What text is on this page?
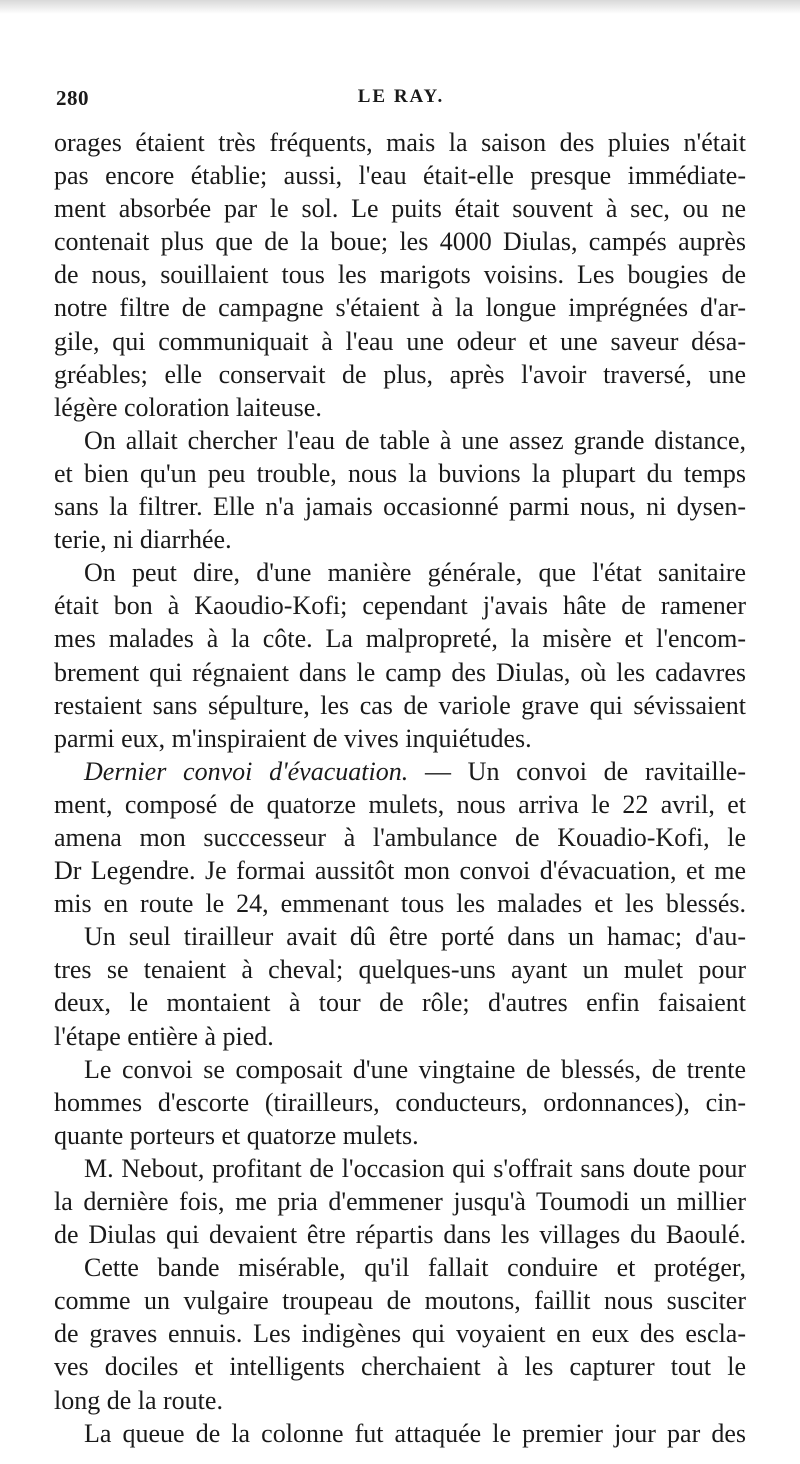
280	LE RAY.
orages étaient très fréquents, mais la saison des pluies n'était
pas encore établie; aussi, l'eau était-elle presque immédiate-
ment absorbée par le sol. Le puits était souvent à sec, ou ne
contenait plus que de la boue; les 4000 Diulas, campés auprès
de nous, souillaient tous les marigots voisins. Les bougies de
notre filtre de campagne s'étaient à la longue imprégnées d'ar-
gile, qui communiquait à l'eau une odeur et une saveur désa-
gréables; elle conservait de plus, après l'avoir traversé, une
légère coloration laiteuse.
On allait chercher l'eau de table à une assez grande distance,
et bien qu'un peu trouble, nous la buvions la plupart du temps
sans la filtrer. Elle n'a jamais occasionné parmi nous, ni dysen-
terie, ni diarrhée.
On peut dire, d'une manière générale, que l'état sanitaire
était bon à Kaoudio-Kofi; cependant j'avais hâte de ramener
mes malades à la côte. La malpropreté, la misère et l'encom-
brement qui régnaient dans le camp des Diulas, où les cadavres
restaient sans sépulture, les cas de variole grave qui sévissaient
parmi eux, m'inspiraient de vives inquiétudes.
Dernier convoi d'évacuation. — Un convoi de ravitaille-
ment, composé de quatorze mulets, nous arriva le 22 avril, et
amena mon succcesseur à l'ambulance de Kouadio-Kofi, le
Dr Legendre. Je formai aussitôt mon convoi d'évacuation, et me
mis en route le 24, emmenant tous les malades et les blessés.
Un seul tirailleur avait dû être porté dans un hamac; d'au-
tres se tenaient à cheval; quelques-uns ayant un mulet pour
deux, le montaient à tour de rôle; d'autres enfin faisaient
l'étape entière à pied.
Le convoi se composait d'une vingtaine de blessés, de trente
hommes d'escorte (tirailleurs, conducteurs, ordonnances), cin-
quante porteurs et quatorze mulets.
M. Nebout, profitant de l'occasion qui s'offrait sans doute pour
la dernière fois, me pria d'emmener jusqu'à Toumodi un millier
de Diulas qui devaient être répartis dans les villages du Baoulé.
Cette bande misérable, qu'il fallait conduire et protéger,
comme un vulgaire troupeau de moutons, faillit nous susciter
de graves ennuis. Les indigènes qui voyaient en eux des escla-
ves dociles et intelligents cherchaient à les capturer tout le
long de la route.
La queue de la colonne fut attaquée le premier jour par des
